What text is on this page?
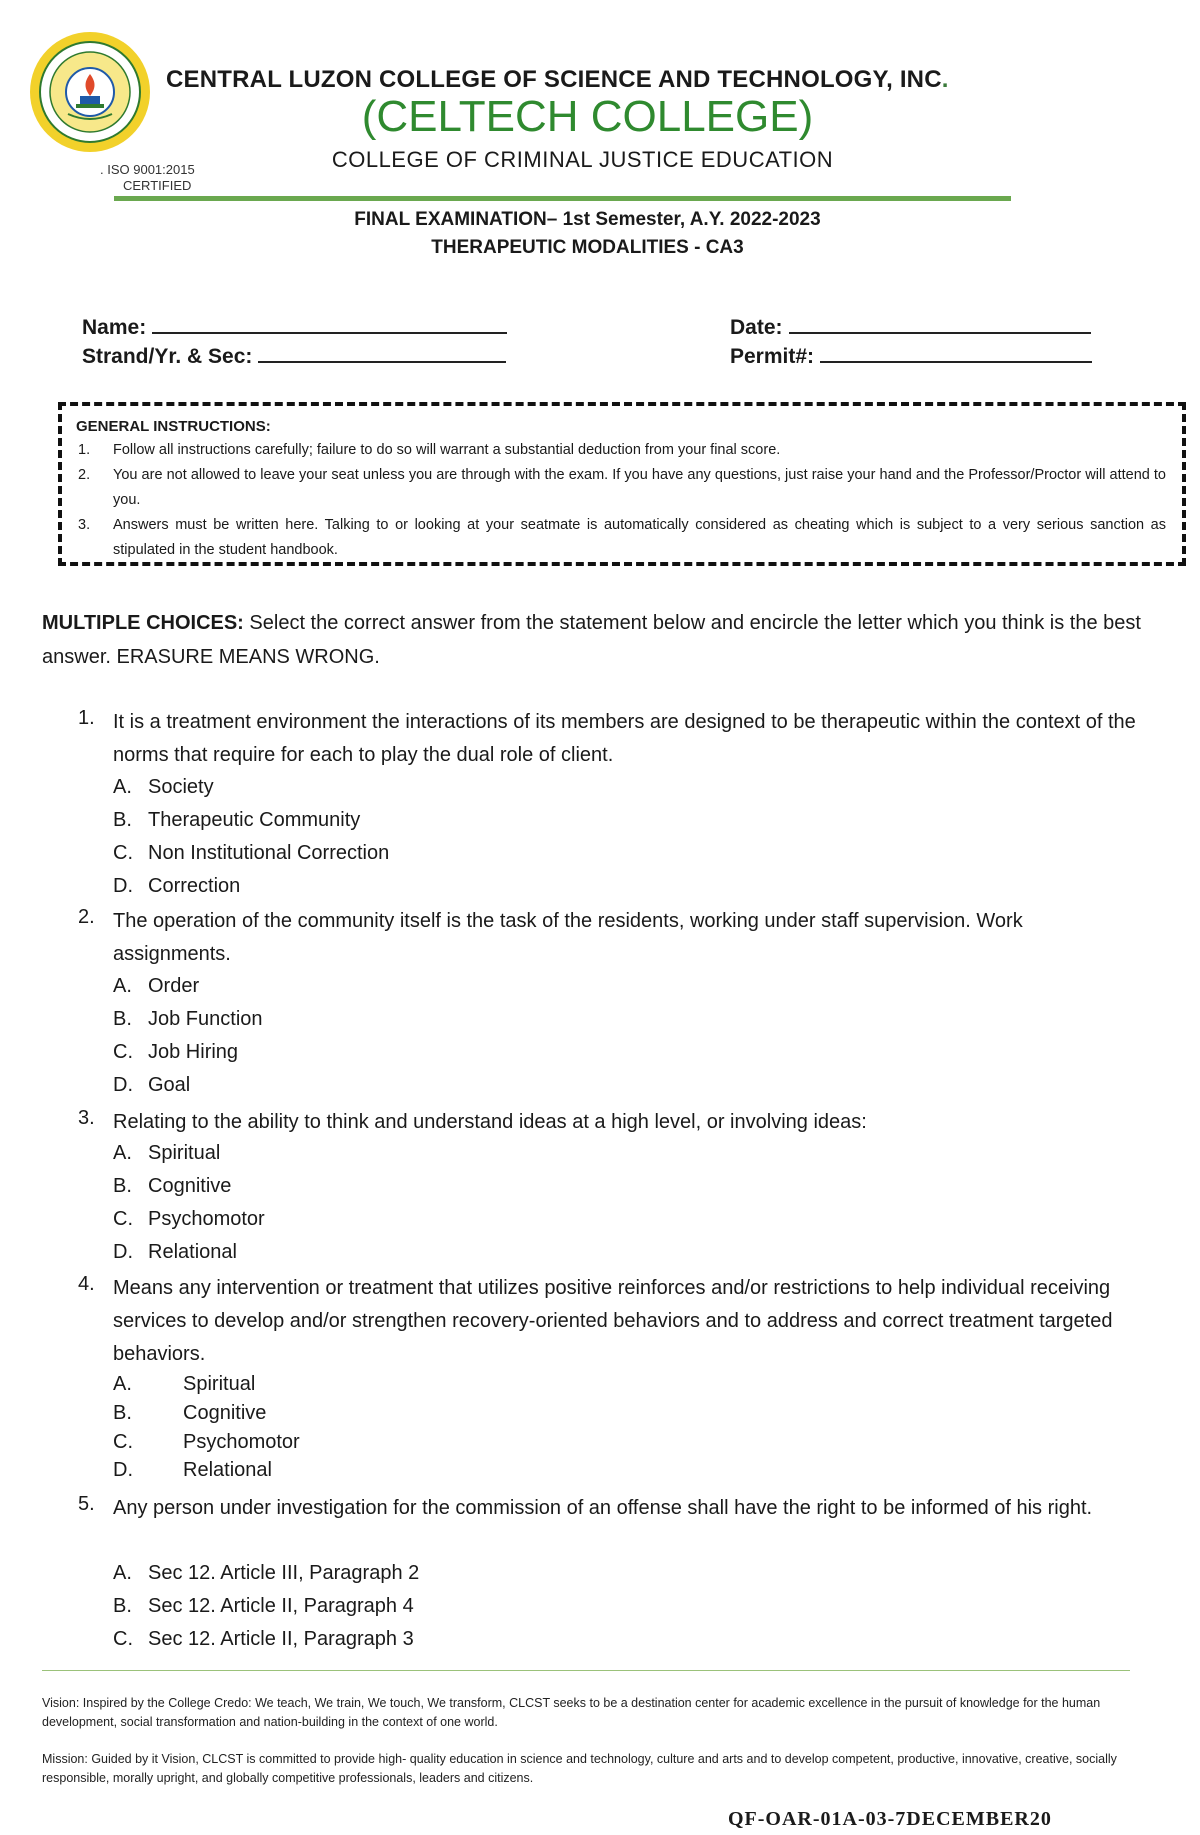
CENTRAL LUZON COLLEGE OF SCIENCE AND TECHNOLOGY, INC.
(CELTECH COLLEGE)
COLLEGE OF CRIMINAL JUSTICE EDUCATION
. ISO 9001:2015
CERTIFIED
FINAL EXAMINATION– 1st Semester, A.Y. 2022-2023
THERAPEUTIC MODALITIES - CA3
Name:
Strand/Yr. & Sec:
Date:
Permit#:
GENERAL INSTRUCTIONS:
1. Follow all instructions carefully; failure to do so will warrant a substantial deduction from your final score.
2. You are not allowed to leave your seat unless you are through with the exam. If you have any questions, just raise your hand and the Professor/Proctor will attend to you.
3. Answers must be written here. Talking to or looking at your seatmate is automatically considered as cheating which is subject to a very serious sanction as stipulated in the student handbook.
MULTIPLE CHOICES: Select the correct answer from the statement below and encircle the letter which you think is the best answer. ERASURE MEANS WRONG.
1. It is a treatment environment the interactions of its members are designed to be therapeutic within the context of the norms that require for each to play the dual role of client.
A. Society
B. Therapeutic Community
C. Non Institutional Correction
D. Correction
2. The operation of the community itself is the task of the residents, working under staff supervision. Work assignments.
A. Order
B. Job Function
C. Job Hiring
D. Goal
3. Relating to the ability to think and understand ideas at a high level, or involving ideas:
A. Spiritual
B. Cognitive
C. Psychomotor
D. Relational
4. Means any intervention or treatment that utilizes positive reinforces and/or restrictions to help individual receiving services to develop and/or strengthen recovery-oriented behaviors and to address and correct treatment targeted behaviors.
A.	Spiritual
B.	Cognitive
C.	Psychomotor
D.	Relational
5. Any person under investigation for the commission of an offense shall have the right to be informed of his right.
A. Sec 12. Article III, Paragraph 2
B. Sec 12. Article II, Paragraph 4
C. Sec 12. Article II, Paragraph 3
Vision: Inspired by the College Credo: We teach, We train, We touch, We transform, CLCST seeks to be a destination center for academic excellence in the pursuit of knowledge for the human development, social transformation and nation-building in the context of one world.
Mission: Guided by it Vision, CLCST is committed to provide high- quality education in science and technology, culture and arts and to develop competent, productive, innovative, creative, socially responsible, morally upright, and globally competitive professionals, leaders and citizens.
QF-OAR-01A-03-7DECEMBER20
